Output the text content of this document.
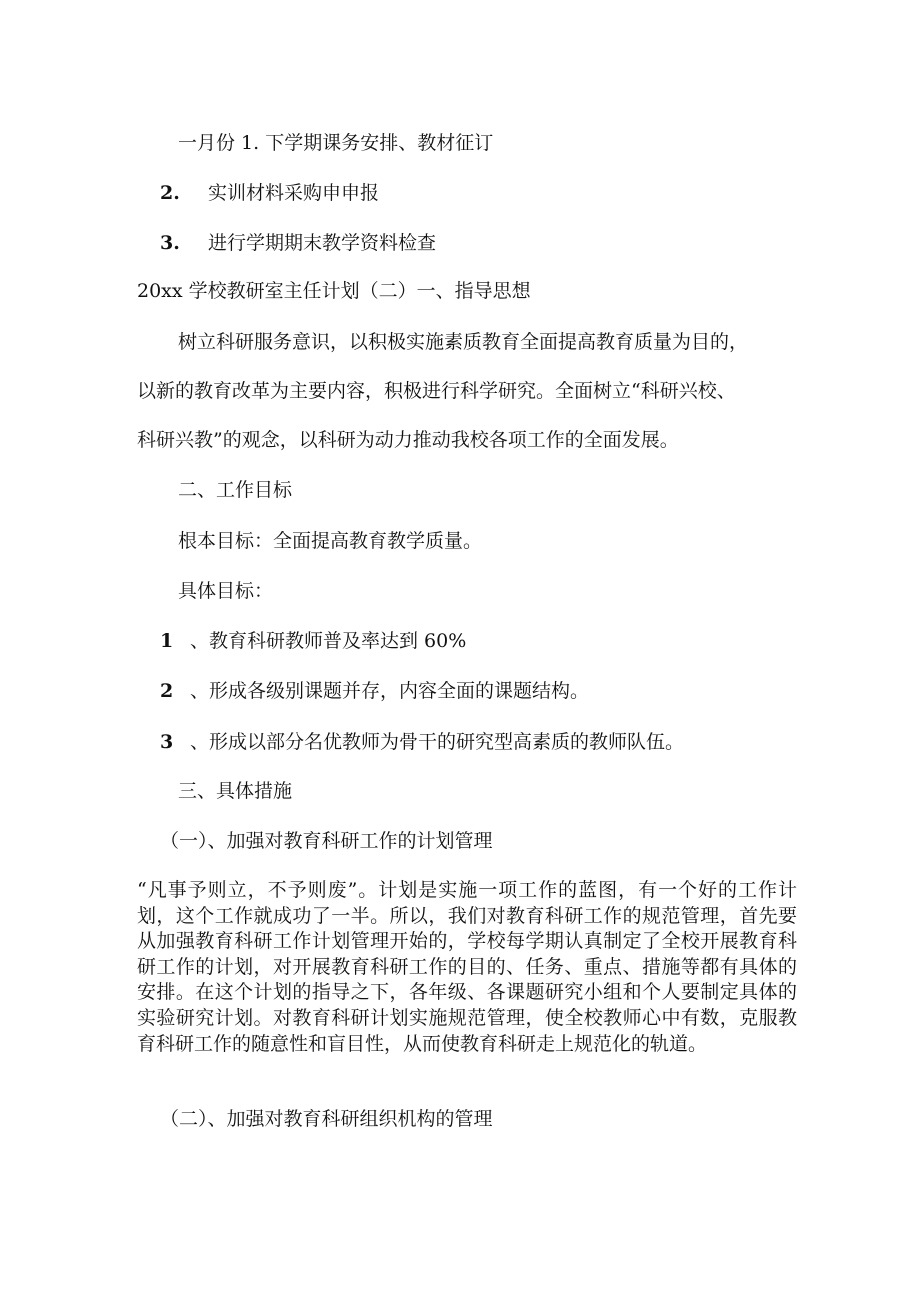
一月份 1. 下学期课务安排、教材征订

2. 实训材料采购申申报

3. 进行学期期末教学资料检查

20xx 学校教研室主任计划（二）一、指导思想

树立科研服务意识，以积极实施素质教育全面提高教育质量为目的，

以新的教育改革为主要内容，积极进行科学研究。全面树立“科研兴校、

科研兴教”的观念，以科研为动力推动我校各项工作的全面发展。

二、工作目标

根本目标：全面提高教育教学质量。

具体目标：

1 、教育科研教师普及率达到 60%

2 、形成各级别课题并存，内容全面的课题结构。

3 、形成以部分名优教师为骨干的研究型高素质的教师队伍。

三、具体措施

（一）、加强对教育科研工作的计划管理

“凡事予则立，不予则废”。计划是实施一项工作的蓝图，有一个好的工作计划，这个工作就成功了一半。所以，我们对教育科研工作的规范管理，首先要从加强教育科研工作计划管理开始的，学校每学期认真制定了全校开展教育科研工作的计划，对开展教育科研工作的目的、任务、重点、措施等都有具体的安排。在这个计划的指导之下，各年级、各课题研究小组和个人要制定具体的实验研究计划。对教育科研计划实施规范管理，使全校教师心中有数，克服教育科研工作的随意性和盲目性，从而使教育科研走上规范化的轨道。

（二）、加强对教育科研组织机构的管理
